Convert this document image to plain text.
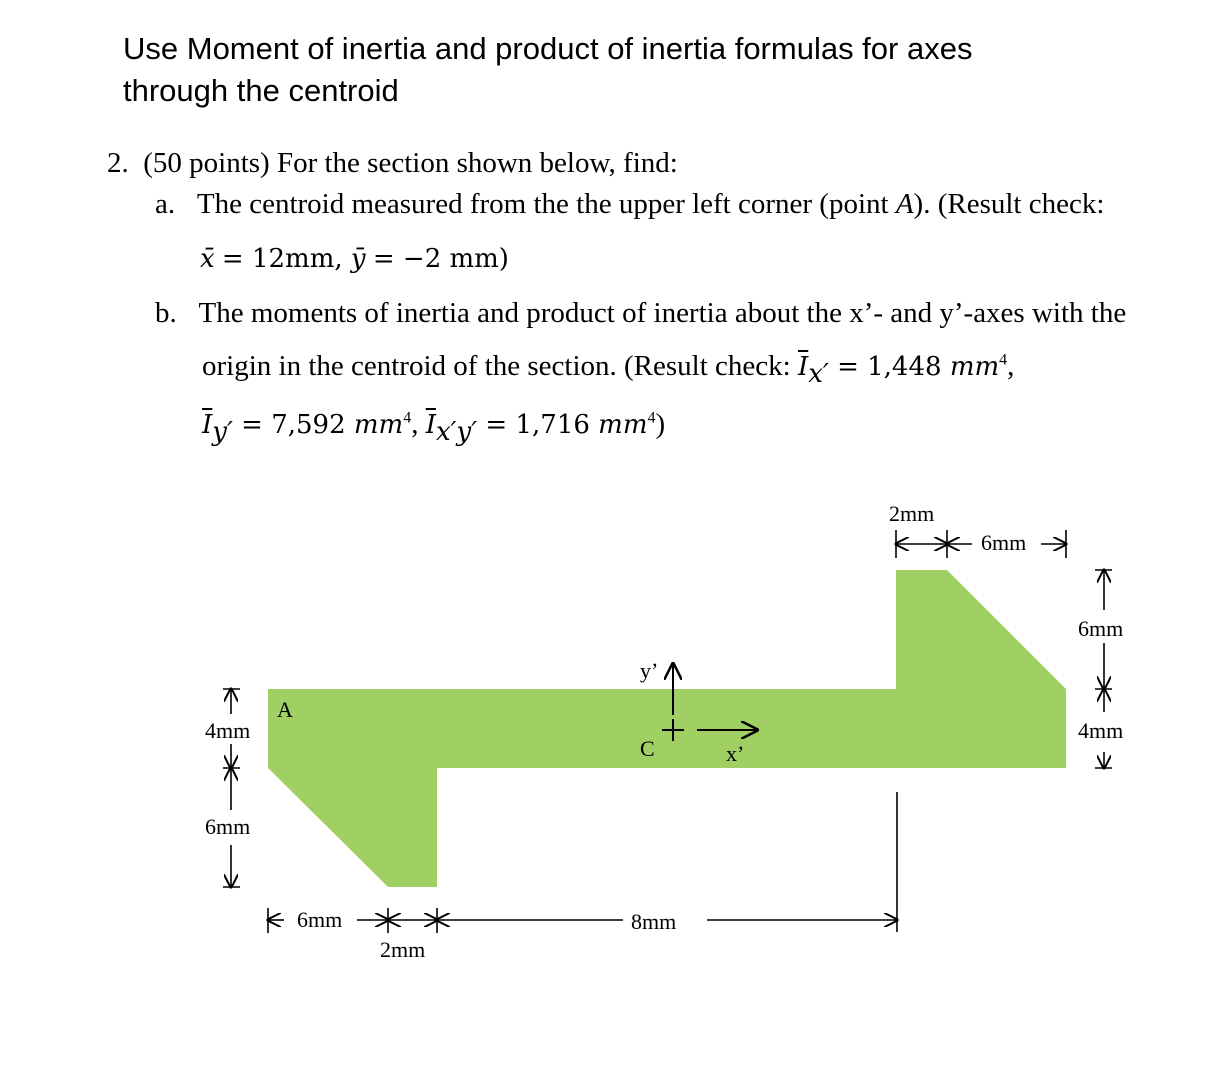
Use Moment of inertia and product of inertia formulas for axes
through the centroid
2. (50 points) For the section shown below, find:
a. The centroid measured from the the upper left corner (point A). (Result check:
x̄ = 12mm, ȳ = −2 mm)
b. The moments of inertia and product of inertia about the x’- and y’-axes with the
origin in the centroid of the section. (Result check: $\overline{I}_{x'} = 1,448$ $mm^4$,
$\overline{I}_{y'} = 7,592$ $mm^4$, $\overline{I}_{x'y'} = 1,716$ $mm^4$)
A
C	x’
y’
4mm
6mm
6mm
2mm
8mm
2mm
6mm
6mm
4mm
